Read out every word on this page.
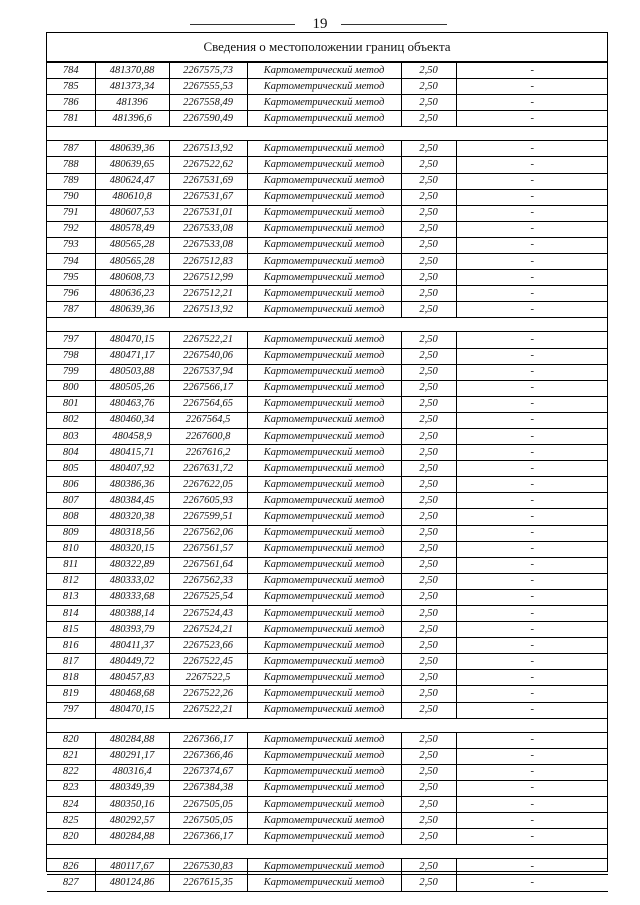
19
Сведения о местоположении границ объекта
784	481370,88	2267575,73	Картометрический метод	2,50	-
785	481373,34	2267555,53	Картометрический метод	2,50	-
786	481396	2267558,49	Картометрический метод	2,50	-
781	481396,6	2267590,49	Картометрический метод	2,50	-

787	480639,36	2267513,92	Картометрический метод	2,50	-
788	480639,65	2267522,62	Картометрический метод	2,50	-
789	480624,47	2267531,69	Картометрический метод	2,50	-
790	480610,8	2267531,67	Картометрический метод	2,50	-
791	480607,53	2267531,01	Картометрический метод	2,50	-
792	480578,49	2267533,08	Картометрический метод	2,50	-
793	480565,28	2267533,08	Картометрический метод	2,50	-
794	480565,28	2267512,83	Картометрический метод	2,50	-
795	480608,73	2267512,99	Картометрический метод	2,50	-
796	480636,23	2267512,21	Картометрический метод	2,50	-
787	480639,36	2267513,92	Картометрический метод	2,50	-

797	480470,15	2267522,21	Картометрический метод	2,50	-
798	480471,17	2267540,06	Картометрический метод	2,50	-
799	480503,88	2267537,94	Картометрический метод	2,50	-
800	480505,26	2267566,17	Картометрический метод	2,50	-
801	480463,76	2267564,65	Картометрический метод	2,50	-
802	480460,34	2267564,5	Картометрический метод	2,50	-
803	480458,9	2267600,8	Картометрический метод	2,50	-
804	480415,71	2267616,2	Картометрический метод	2,50	-
805	480407,92	2267631,72	Картометрический метод	2,50	-
806	480386,36	2267622,05	Картометрический метод	2,50	-
807	480384,45	2267605,93	Картометрический метод	2,50	-
808	480320,38	2267599,51	Картометрический метод	2,50	-
809	480318,56	2267562,06	Картометрический метод	2,50	-
810	480320,15	2267561,57	Картометрический метод	2,50	-
811	480322,89	2267561,64	Картометрический метод	2,50	-
812	480333,02	2267562,33	Картометрический метод	2,50	-
813	480333,68	2267525,54	Картометрический метод	2,50	-
814	480388,14	2267524,43	Картометрический метод	2,50	-
815	480393,79	2267524,21	Картометрический метод	2,50	-
816	480411,37	2267523,66	Картометрический метод	2,50	-
817	480449,72	2267522,45	Картометрический метод	2,50	-
818	480457,83	2267522,5	Картометрический метод	2,50	-
819	480468,68	2267522,26	Картометрический метод	2,50	-
797	480470,15	2267522,21	Картометрический метод	2,50	-

820	480284,88	2267366,17	Картометрический метод	2,50	-
821	480291,17	2267366,46	Картометрический метод	2,50	-
822	480316,4	2267374,67	Картометрический метод	2,50	-
823	480349,39	2267384,38	Картометрический метод	2,50	-
824	480350,16	2267505,05	Картометрический метод	2,50	-
825	480292,57	2267505,05	Картометрический метод	2,50	-
820	480284,88	2267366,17	Картометрический метод	2,50	-

826	480117,67	2267530,83	Картометрический метод	2,50	-
827	480124,86	2267615,35	Картометрический метод	2,50	-
